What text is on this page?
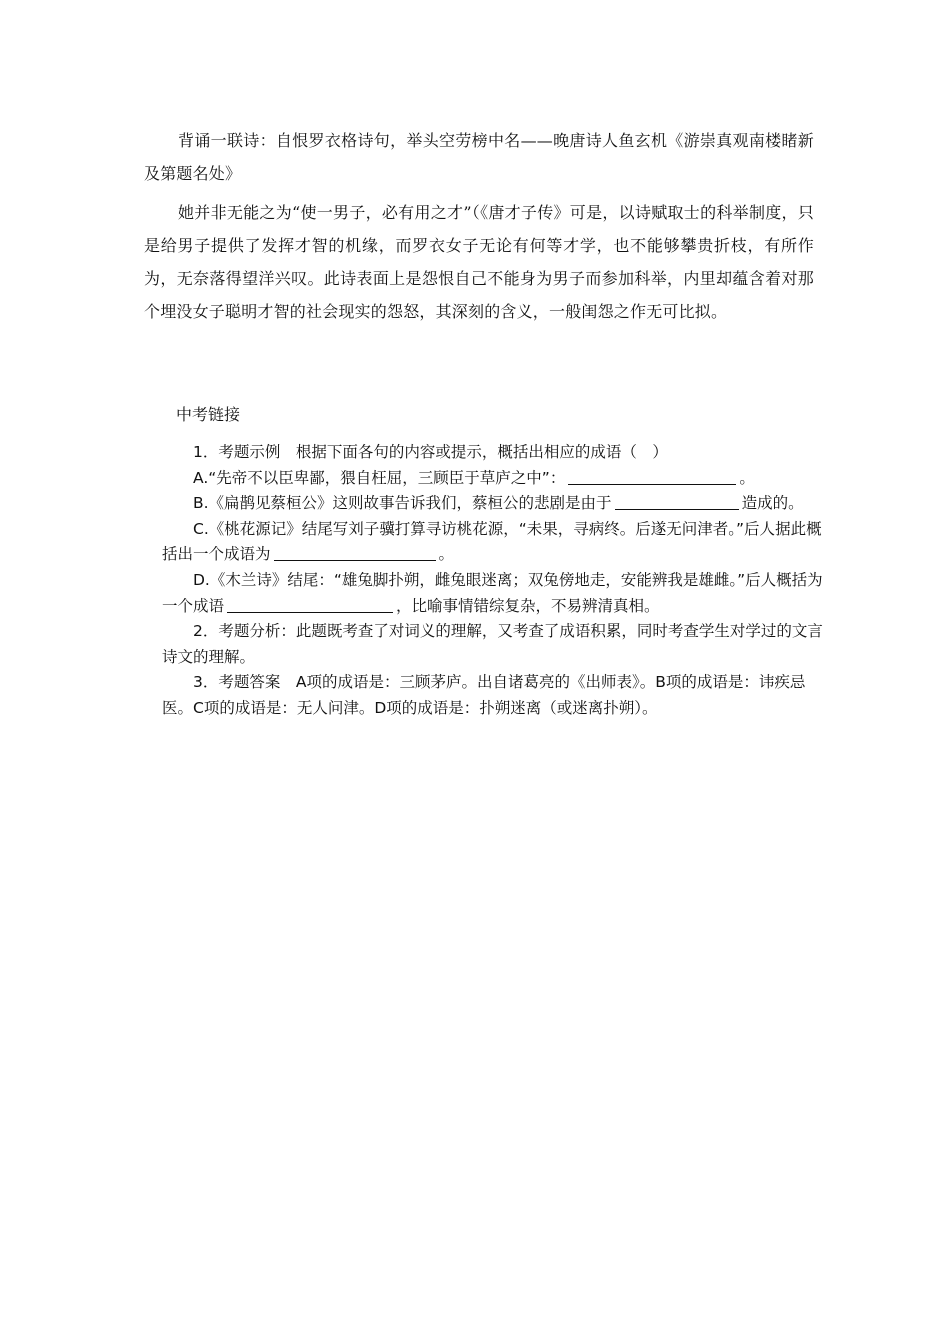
背诵一联诗：自恨罗衣格诗句，举头空劳榜中名——晚唐诗人鱼玄机《游崇真观南楼睹新及第题名处》

她并非无能之为“使一男子，必有用之才”（《唐才子传》可是，以诗赋取士的科举制度，只是给男子提供了发挥才智的机缘，而罗衣女子无论有何等才学，也不能够攀贵折枝，有所作为，无奈落得望洋兴叹。此诗表面上是怨恨自己不能身为男子而参加科举，内里却蕴含着对那个埋没女子聪明才智的社会现实的怨怒，其深刻的含义，一般闺怨之作无可比拟。

中考链接

1．考题示例　根据下面各句的内容或提示，概括出相应的成语（　）

A.“先帝不以臣卑鄙，猥自枉屈，三顾臣于草庐之中”：	。

B.《扁鹊见蔡桓公》这则故事告诉我们，蔡桓公的悲剧是由于	造成的。

C.《桃花源记》结尾写刘子骥打算寻访桃花源，“未果，寻病终。后遂无问津者。”后人据此概括出一个成语为	。

D.《木兰诗》结尾：“雄兔脚扑朔，雌兔眼迷离；双兔傍地走，安能辨我是雄雌。”后人概括为一个成语	，比喻事情错综复杂，不易辨清真相。

2．考题分析：此题既考查了对词义的理解，又考查了成语积累，同时考查学生对学过的文言诗文的理解。

3．考题答案　A项的成语是：三顾茅庐。出自诸葛亮的《出师表》。B项的成语是：讳疾忌医。C项的成语是：无人问津。D项的成语是：扑朔迷离（或迷离扑朔）。
